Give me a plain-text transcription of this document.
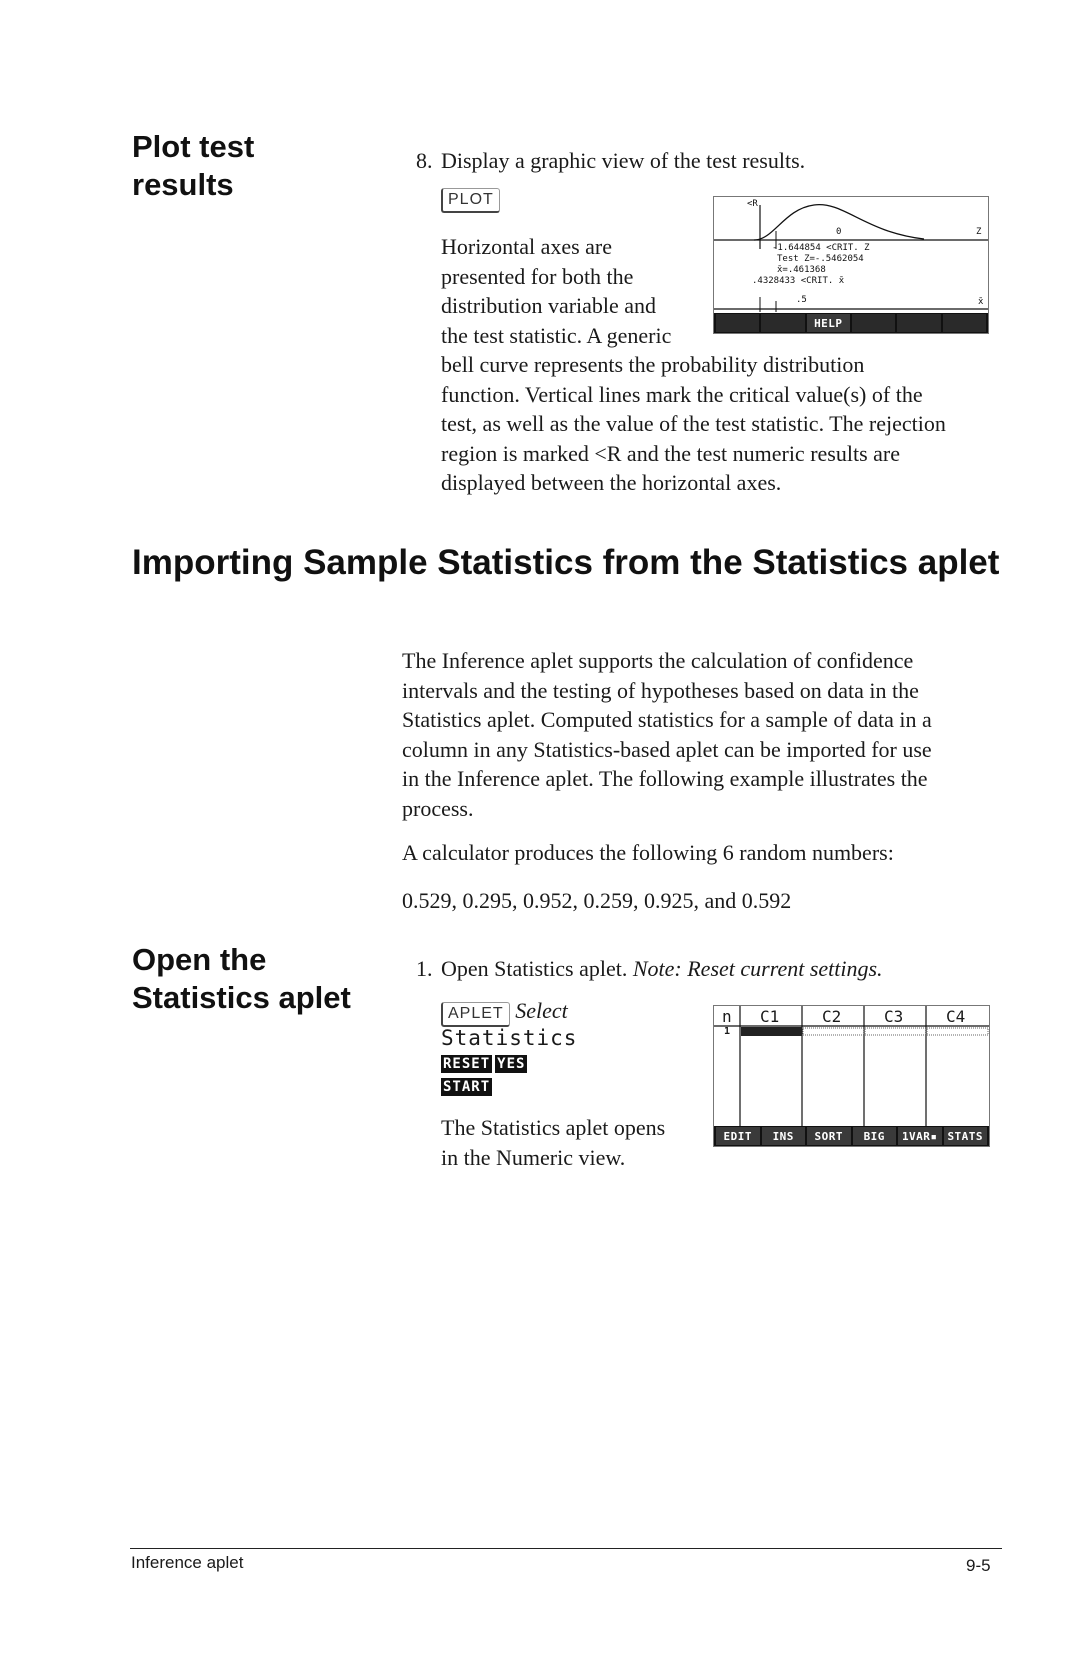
Plot test
results
8. Display a graphic view of the test results.
PLOT
Horizontal axes are
presented for both the
distribution variable and
the test statistic. A generic
bell curve represents the probability distribution
function. Vertical lines mark the critical value(s) of the
test, as well as the value of the test statistic. The rejection
region is marked <R and the test numeric results are
displayed between the horizontal axes.
<R
0	Z
-1.644854 <CRIT. Z
Test Z=-.5462054
x̄=.461368
.4328433 <CRIT. x̄
.5	x̄
HELP
Importing Sample Statistics from the Statistics aplet
The Inference aplet supports the calculation of confidence
intervals and the testing of hypotheses based on data in the
Statistics aplet. Computed statistics for a sample of data in a
column in any Statistics-based aplet can be imported for use
in the Inference aplet. The following example illustrates the
process.
A calculator produces the following 6 random numbers:
0.529, 0.295, 0.952, 0.259, 0.925, and 0.592
Open the
Statistics aplet
1. Open Statistics aplet. Note: Reset current settings.
APLET Select
Statistics
RESET YES
START
The Statistics aplet opens
in the Numeric view.
n C1	C2	C3	C4
1
EDIT	INS	SORT	BIG	1VAR▪ STATS
Inference aplet	9-5
